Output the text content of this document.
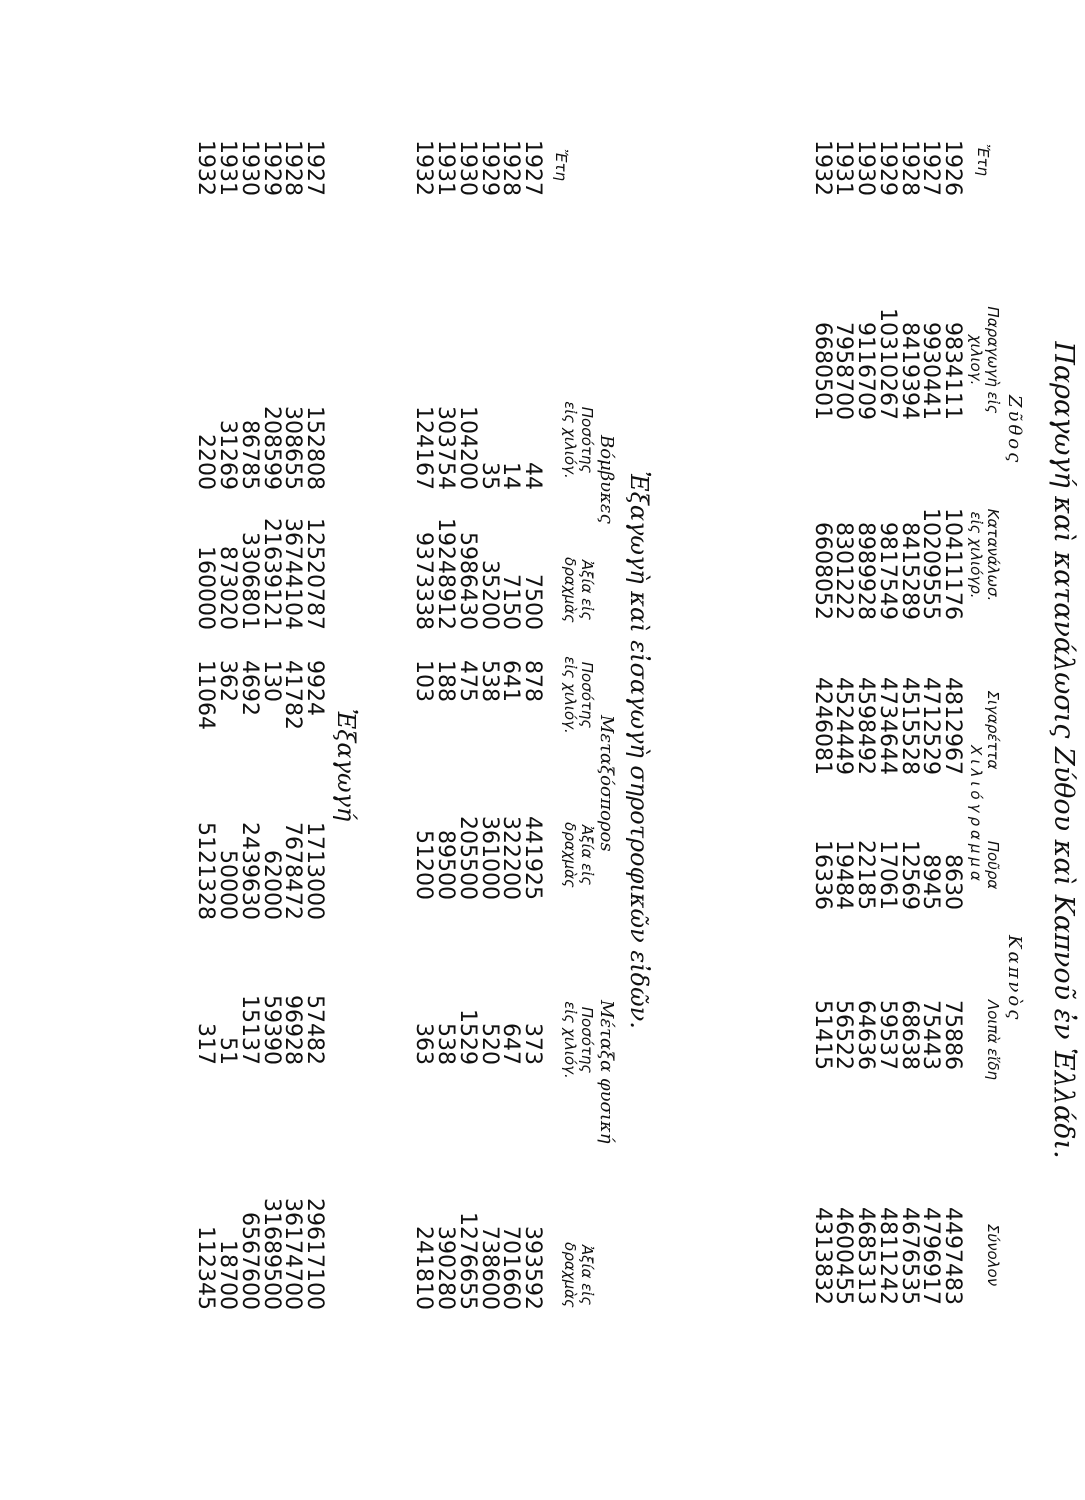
Παραγωγή καὶ κατανάλωσις Ζύθου καὶ Καπνοῦ ἐν Ἑλλάδι.
Ζῦθος
Καπνὸς
Ἔτη
Παραγωγὴ εἰς χιλιογ.
Κατανάλωσ. εἰς χιλιόγρ.
Σιγαρέττα
Χιλιόγραμμα Ποῦρα
Λοιπὰ εἴδη
Σύνολον
1926
1927
1928
1929
1930
1931
1932
9834111
9930441
8419394
10310267
9116709
7958700
6680501
10411176
10209555
8415289
9817549
8989928
8301222
6608052
4812967
4712529
4515528
4734644
4598492
4524449
4246081
8630
8945
12569
17061
22185
19484
16336
75886
75443
68638
59537
64636
56522
51415
4497483
4796917
4676535
4811242
4685313
4600455
4313832
Ἐξαγωγὴ καὶ εἰσαγωγὴ σηροτροφικῶν εἰδῶν.
Βόμβυκες
Μεταξόσποροs
Μέταξα φυσική
Ποσότης εἰς χιλιόγ.
Ἀξία εἰς δραχμὰς
Ποσότης εἰς χιλιόγ.
Ἀξία εἰς δραχμὰς
Ποσότης εἰς χιλιόγ.
Ἀξία εἰς δραχμὰς
Ἔτη
1927
1928
1929
1930
1931
1932
44
14
35
104200
303754
124167
7500
7150
35200
5986430
19248912
9373338
878
641
538
475
188
103
441925
322200
361000
205500
89500
51200
373
647
520
1529
538
363
393592
701660
738600
1276655
390280
241810
Ἐξαγωγή
1927
1928
1929
1930
1931
1932
152808
308655
208599
86785
31269
2200
12520787
36744104
21639121
3306801
873020
160000
9924
41782
130
4692
362
11064
1713000
7678472
62000
2439630
50000
5121328
57482
96928
59390
15137
51
317
29617100
36174700
31689500
6567600
18700
112345
